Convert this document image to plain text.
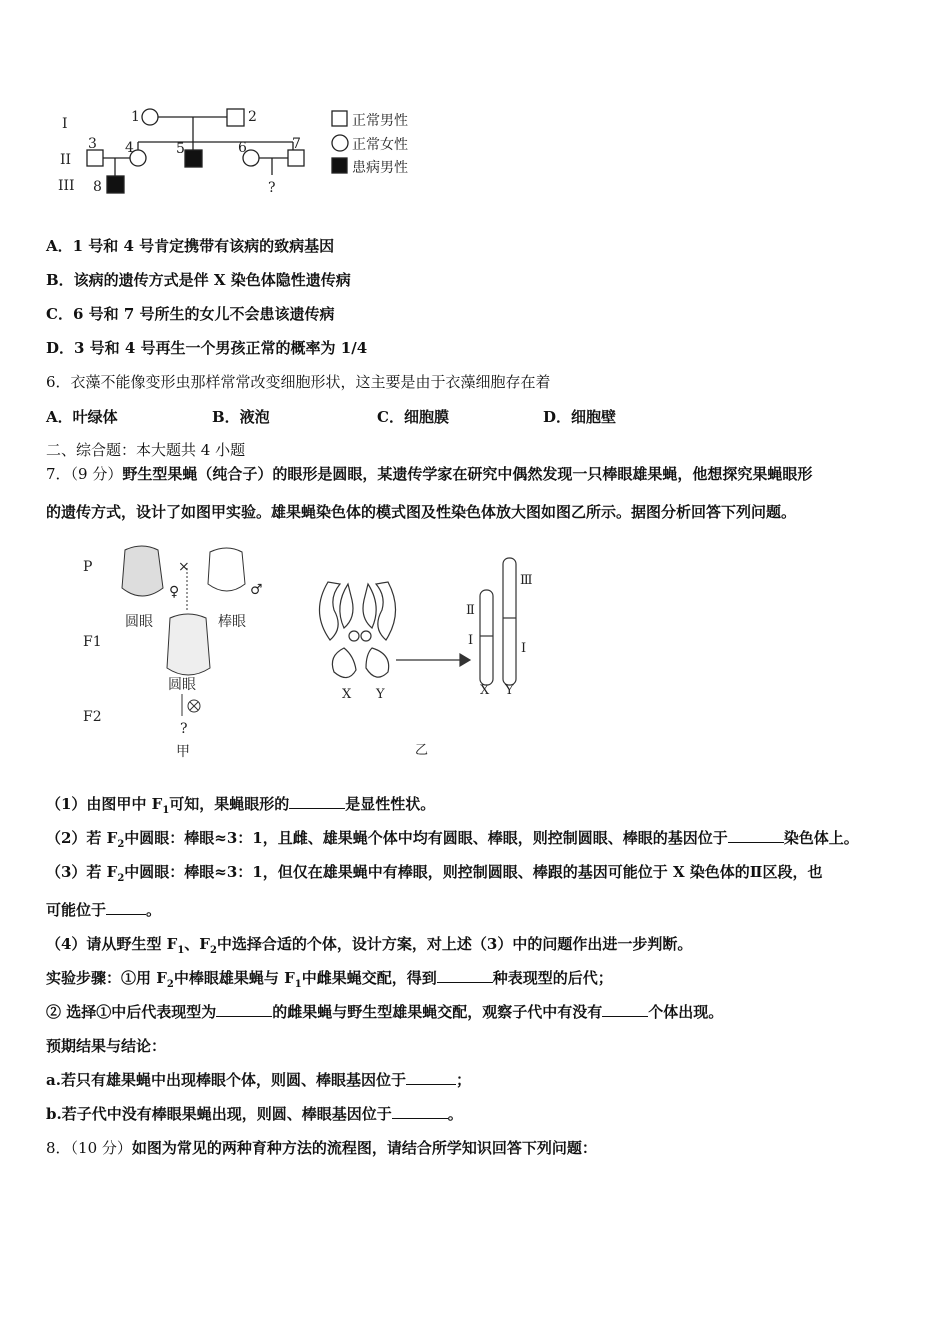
I
II
III
1	2
3 4	5	6	7
8	?
正常男性
正常女性
患病男性
A．1 号和 4 号肯定携带有该病的致病基因
B．该病的遗传方式是伴 X 染色体隐性遗传病
C．6 号和 7 号所生的女儿不会患该遗传病
D．3 号和 4 号再生一个男孩正常的概率为 1/4
6．衣藻不能像变形虫那样常常改变细胞形状，这主要是由于衣藻细胞存在着
A．叶绿体	B．液泡	C．细胞膜	D．细胞壁
二、综合题：本大题共 4 小题
7．（9 分）野生型果蝇（纯合子）的眼形是圆眼，某遗传学家在研究中偶然发现一只棒眼雄果蝇，他想探究果蝇眼形
的遗传方式，设计了如图甲实验。雄果蝇染色体的模式图及性染色体放大图如图乙所示。据图分析回答下列问题。
P
F1
F2
圆眼	棒眼
圆眼
×
♀	♂
?
甲
X Y	X Y
Ⅱ
Ⅰ
Ⅲ
Ⅰ
乙
（1）由图甲中 $F_1$可知，果蝇眼形的	是显性性状。
（2）若 $F_2$中圆眼：棒眼≈3：1，且雌、雄果蝇个体中均有圆眼、棒眼，则控制圆眼、棒眼的基因位于	染色体上。
（3）若 $F_2$中圆眼：棒眼≈3：1，但仅在雄果蝇中有棒眼，则控制圆眼、棒跟的基因可能位于 X 染色体的Ⅱ区段，也
可能位于	。
（4）请从野生型 $F_1$、$F_2$中选择合适的个体，设计方案，对上述（3）中的问题作出进一步判断。
实验步骤：①用 $F_2$中棒眼雄果蝇与 $F_1$中雌果蝇交配，得到	种表现型的后代；
② 选择①中后代表现型为	的雌果蝇与野生型雄果蝇交配，观察子代中有没有	个体出现。
预期结果与结论：
a.若只有雄果蝇中出现棒眼个体，则圆、棒眼基因位于	；
b.若子代中没有棒眼果蝇出现，则圆、棒眼基因位于	。
8．（10 分）如图为常见的两种育种方法的流程图，请结合所学知识回答下列问题：
